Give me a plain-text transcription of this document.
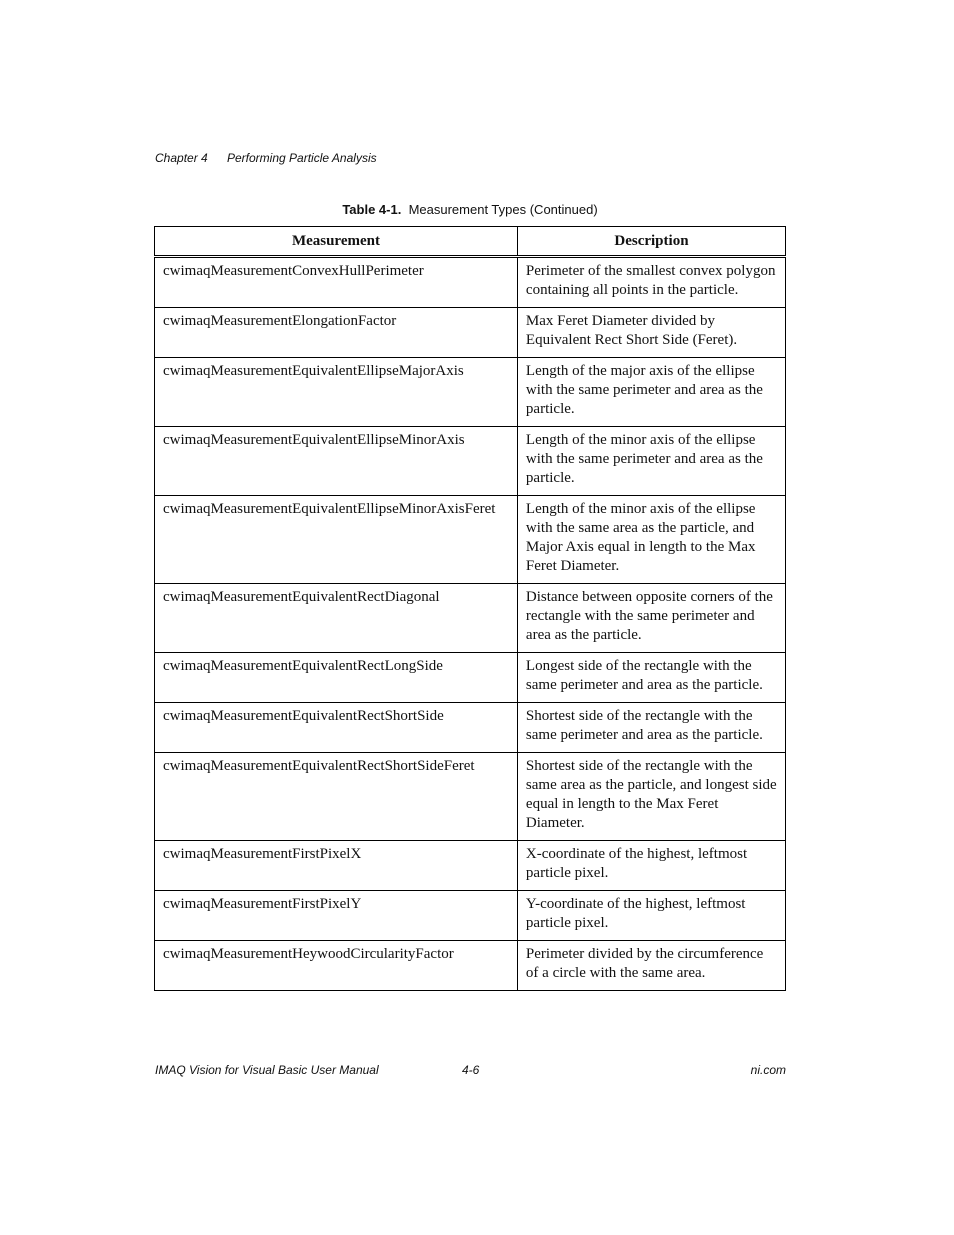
Chapter 4 Performing Particle Analysis
Table 4-1. Measurement Types (Continued)
Measurement	Description
cwimaqMeasurementConvexHullPerimeter	Perimeter of the smallest convex polygon containing all points in the particle.
cwimaqMeasurementElongationFactor	Max Feret Diameter divided by Equivalent Rect Short Side (Feret).
cwimaqMeasurementEquivalentEllipseMajorAxis	Length of the major axis of the ellipse with the same perimeter and area as the particle.
cwimaqMeasurementEquivalentEllipseMinorAxis	Length of the minor axis of the ellipse with the same perimeter and area as the particle.
cwimaqMeasurementEquivalentEllipseMinorAxisFeret	Length of the minor axis of the ellipse with the same area as the particle, and Major Axis equal in length to the Max Feret Diameter.
cwimaqMeasurementEquivalentRectDiagonal	Distance between opposite corners of the rectangle with the same perimeter and area as the particle.
cwimaqMeasurementEquivalentRectLongSide	Longest side of the rectangle with the same perimeter and area as the particle.
cwimaqMeasurementEquivalentRectShortSide	Shortest side of the rectangle with the same perimeter and area as the particle.
cwimaqMeasurementEquivalentRectShortSideFeret	Shortest side of the rectangle with the same area as the particle, and longest side equal in length to the Max Feret Diameter.
cwimaqMeasurementFirstPixelX	X-coordinate of the highest, leftmost particle pixel.
cwimaqMeasurementFirstPixelY	Y-coordinate of the highest, leftmost particle pixel.
cwimaqMeasurementHeywoodCircularityFactor	Perimeter divided by the circumference of a circle with the same area.
IMAQ Vision for Visual Basic User Manual	4-6	ni.com
